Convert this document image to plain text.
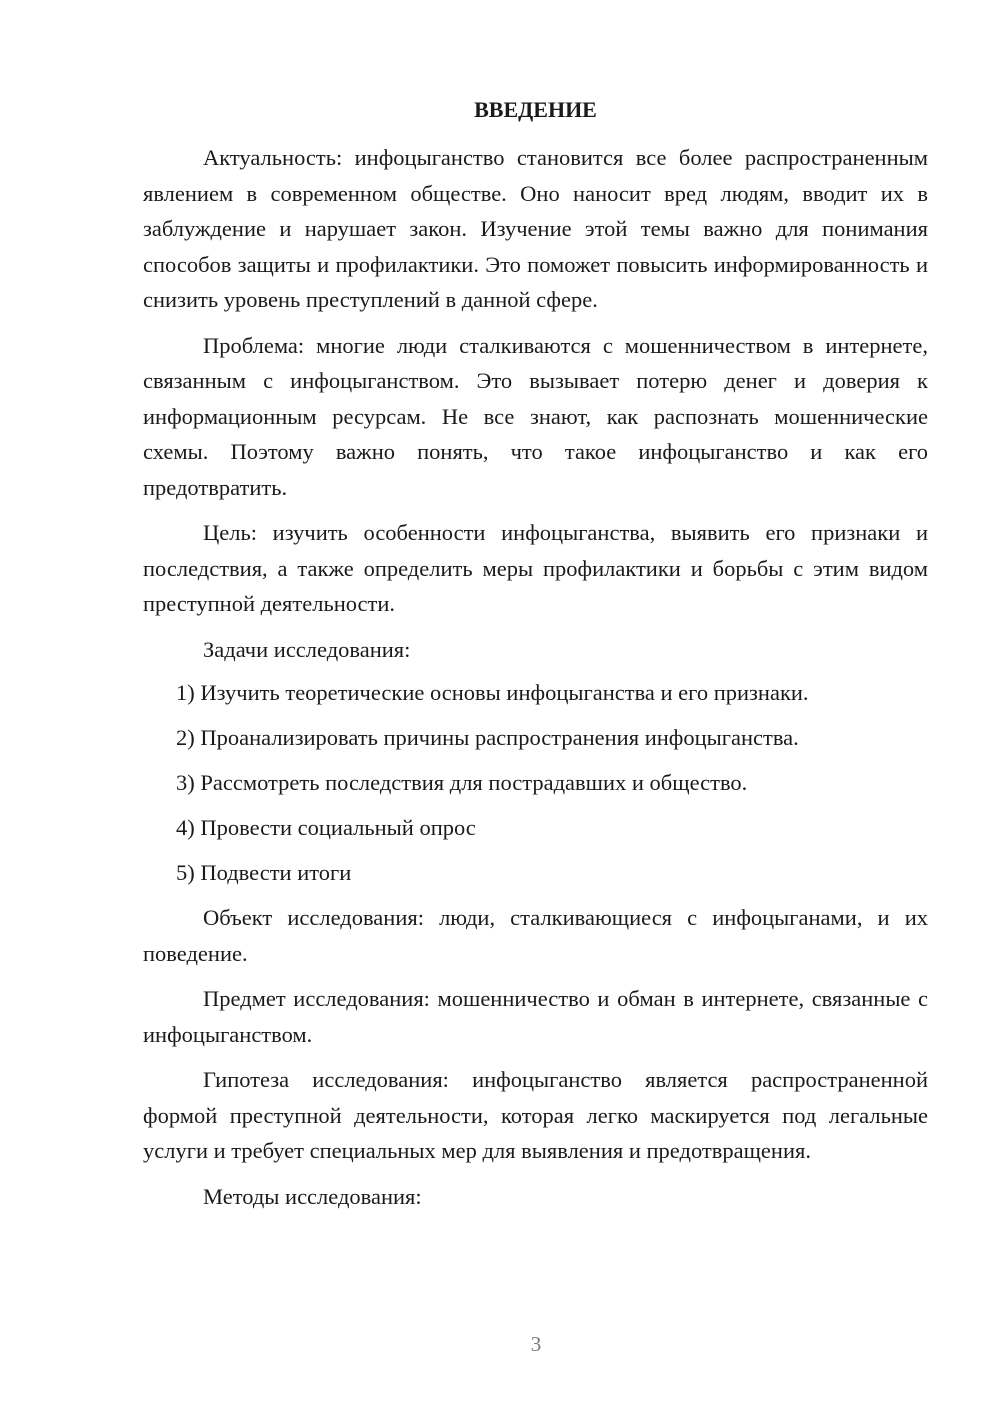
ВВЕДЕНИЕ

Актуальность: инфоцыганство становится все более распространенным явлением в современном обществе. Оно наносит вред людям, вводит их в заблуждение и нарушает закон. Изучение этой темы важно для понимания способов защиты и профилактики. Это поможет повысить информированность и снизить уровень преступлений в данной сфере.

Проблема: многие люди сталкиваются с мошенничеством в интернете, связанным с инфоцыганством. Это вызывает потерю денег и доверия к информационным ресурсам. Не все знают, как распознать мошеннические схемы. Поэтому важно понять, что такое инфоцыганство и как его предотвратить.

Цель: изучить особенности инфоцыганства, выявить его признаки и последствия, а также определить меры профилактики и борьбы с этим видом преступной деятельности.

Задачи исследования:

1) Изучить теоретические основы инфоцыганства и его признаки.
2) Проанализировать причины распространения инфоцыганства.
3) Рассмотреть последствия для пострадавших и общество.
4) Провести социальный опрос
5) Подвести итоги

Объект исследования: люди, сталкивающиеся с инфоцыганами, и их поведение.

Предмет исследования: мошенничество и обман в интернете, связанные с инфоцыганством.

Гипотеза исследования: инфоцыганство является распространенной формой преступной деятельности, которая легко маскируется под легальные услуги и требует специальных мер для выявления и предотвращения.

Методы исследования:

3
